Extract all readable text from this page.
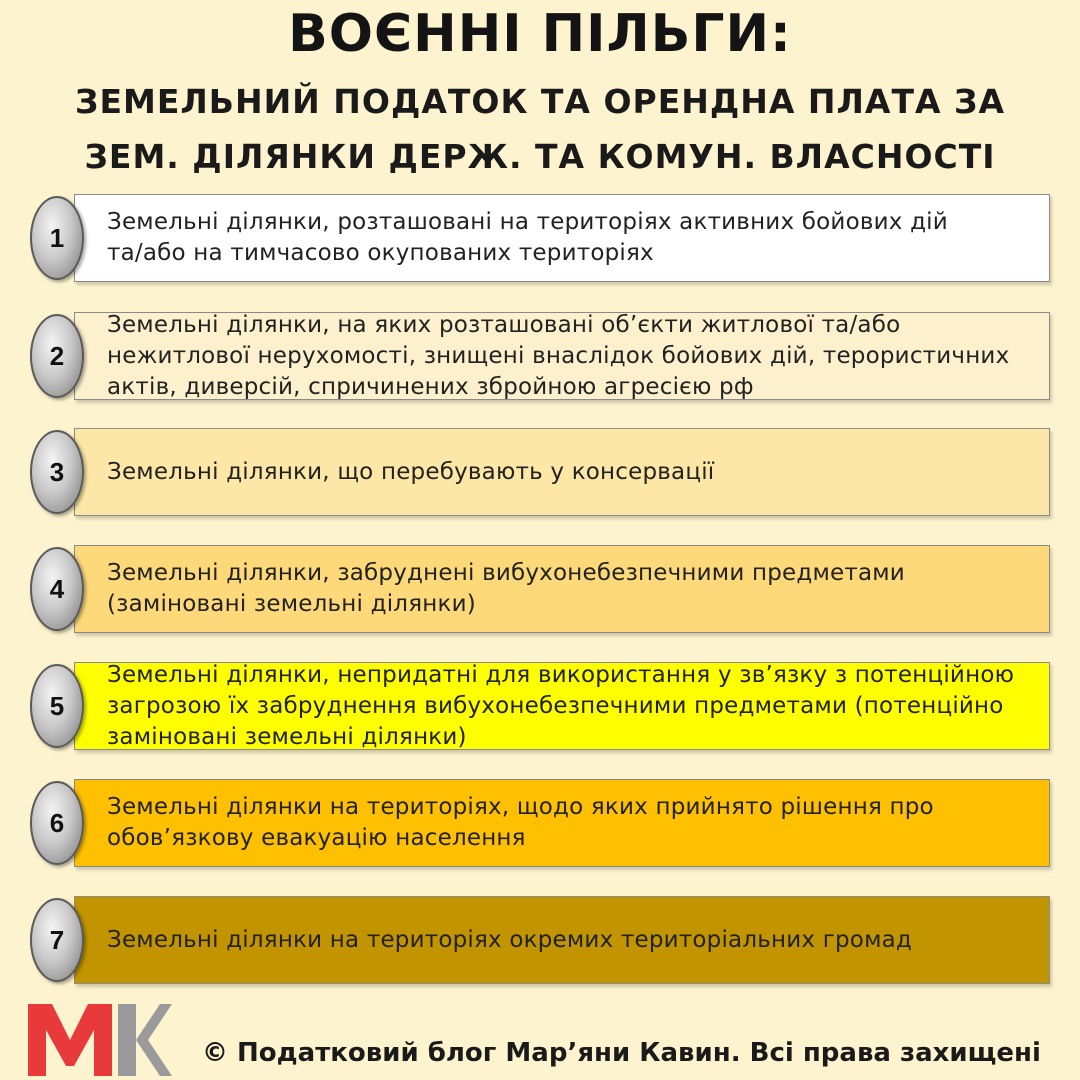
ВОЄННІ ПІЛЬГИ:
ЗЕМЕЛЬНИЙ ПОДАТОК ТА ОРЕНДНА ПЛАТА ЗА
ЗЕМ. ДІЛЯНКИ ДЕРЖ. ТА КОМУН. ВЛАСНОСТІ
Земельні ділянки, розташовані на територіях активних бойових дій
та/або на тимчасово окупованих територіях
1
Земельні ділянки, на яких розташовані об’єкти житлової та/або
нежитлової нерухомості, знищені внаслідок бойових дій, терористичних
актів, диверсій, спричинених збройною агресією рф
2
Земельні ділянки, що перебувають у консервації
3
Земельні ділянки, забруднені вибухонебезпечними предметами
(заміновані земельні ділянки)
4
Земельні ділянки, непридатні для використання у зв’язку з потенційною
загрозою їх забруднення вибухонебезпечними предметами (потенційно
заміновані земельні ділянки)
5
Земельні ділянки на територіях, щодо яких прийнято рішення про
обов’язкову евакуацію населення
6
Земельні ділянки на територіях окремих територіальних громад
7
© Податковий блог Мар’яни Кавин. Всі права захищені
